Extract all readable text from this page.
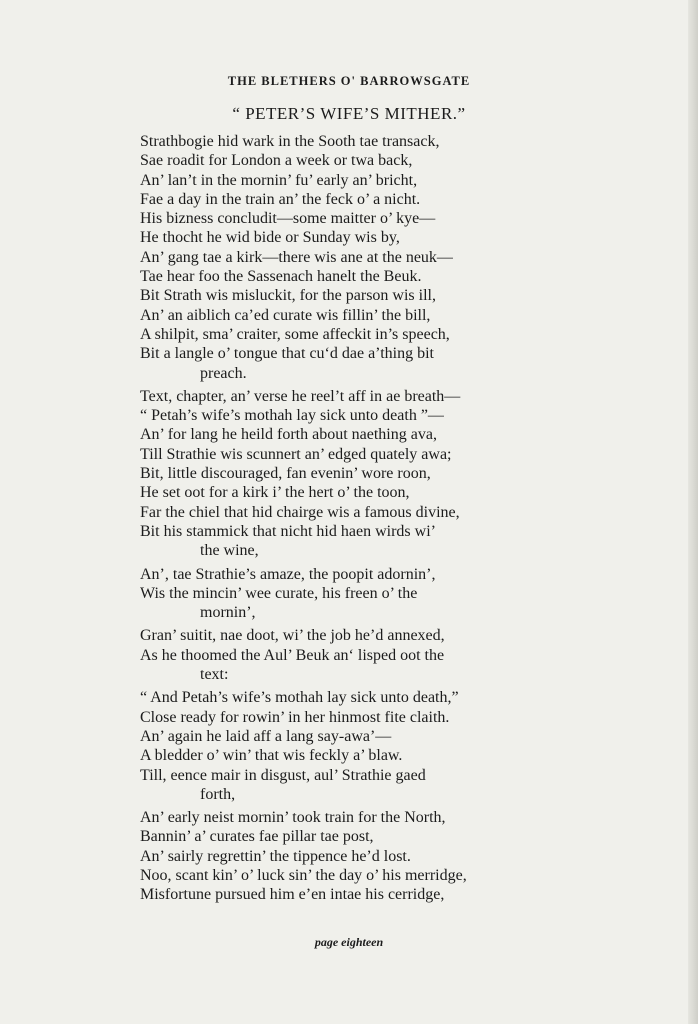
THE BLETHERS O' BARROWSGATE
“ PETER’S WIFE’S MITHER.”
Strathbogie hid wark in the Sooth tae transack,
Sae roadit for London a week or twa back,
An’ lan’t in the mornin’ fu’ early an’ bricht,
Fae a day in the train an’ the feck o’ a nicht.
His bizness concludit—some maitter o’ kye—
He thocht he wid bide or Sunday wis by,
An’ gang tae a kirk—there wis ane at the neuk—
Tae hear foo the Sassenach hanelt the Beuk.
Bit Strath wis misluckit, for the parson wis ill,
An’ an aiblich ca’ed curate wis fillin’ the bill,
A shilpit, sma’ craiter, some affeckit in’s speech,
Bit a langle o’ tongue that cu‘d dae a’thing bit
preach.
Text, chapter, an’ verse he reel’t aff in ae breath—
“ Petah’s wife’s mothah lay sick unto death ”—
An’ for lang he heild forth about naething ava,
Till Strathie wis scunnert an’ edged quately awa;
Bit, little discouraged, fan evenin’ wore roon,
He set oot for a kirk i’ the hert o’ the toon,
Far the chiel that hid chairge wis a famous divine,
Bit his stammick that nicht hid haen wirds wi’
the wine,
An’, tae Strathie’s amaze, the poopit adornin’,
Wis the mincin’ wee curate, his freen o’ the
mornin’,
Gran’ suitit, nae doot, wi’ the job he’d annexed,
As he thoomed the Aul’ Beuk an‘ lisped oot the
text:
“ And Petah’s wife’s mothah lay sick unto death,”
Close ready for rowin’ in her hinmost fite claith.
An’ again he laid aff a lang say-awa’—
A bledder o’ win’ that wis feckly a’ blaw.
Till, eence mair in disgust, aul’ Strathie gaed
forth,
An’ early neist mornin’ took train for the North,
Bannin’ a’ curates fae pillar tae post,
An’ sairly regrettin’ the tippence he’d lost.
Noo, scant kin’ o’ luck sin’ the day o’ his merridge,
Misfortune pursued him e’en intae his cerridge,
page eighteen
